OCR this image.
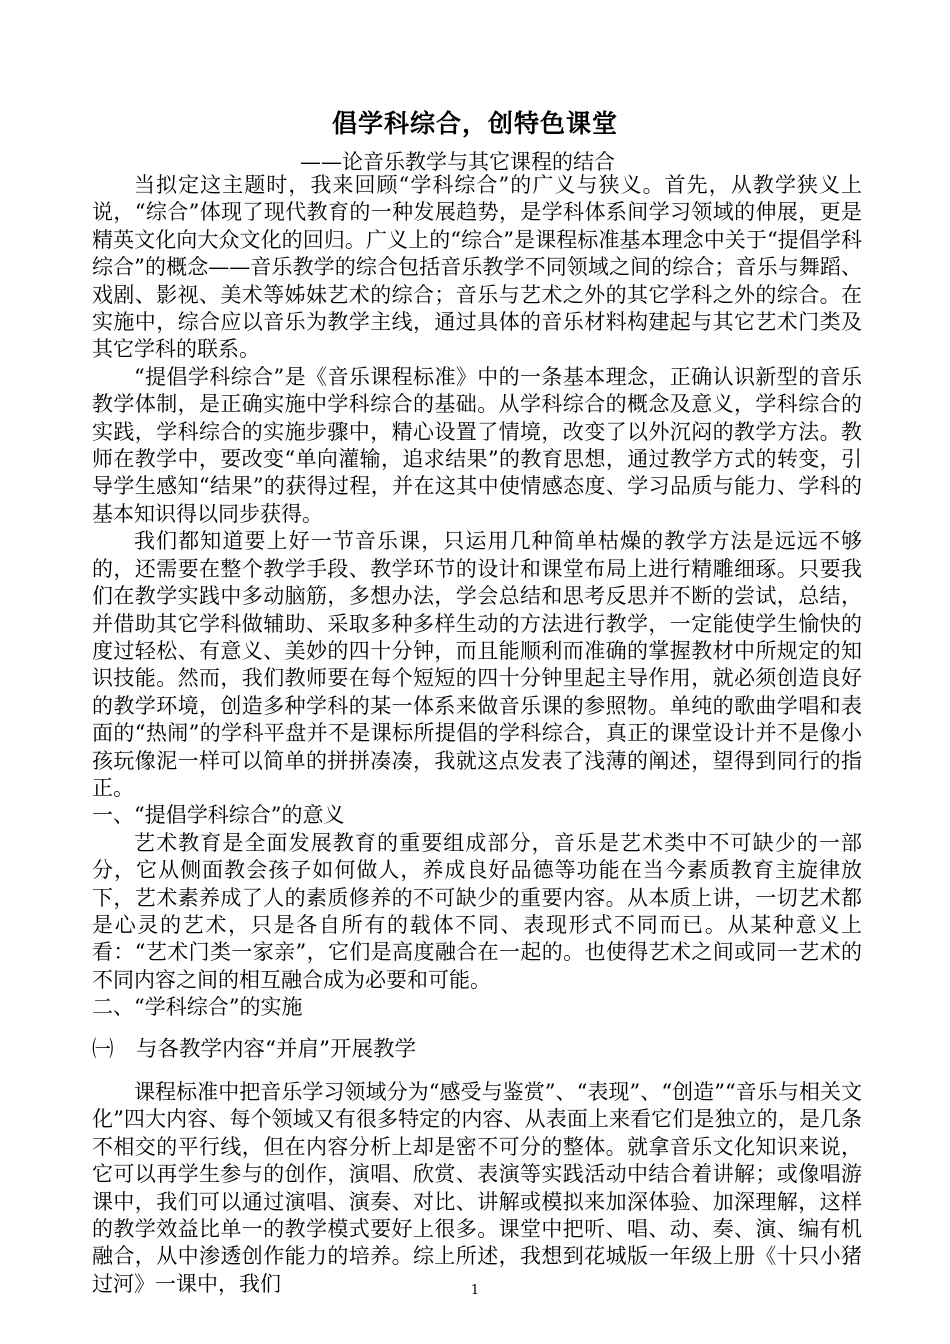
倡学科综合，创特色课堂
——论音乐教学与其它课程的结合

当拟定这主题时，我来回顾“学科综合”的广义与狭义。首先，从教学狭义上说，“综合”体现了现代教育的一种发展趋势，是学科体系间学习领域的伸展，更是精英文化向大众文化的回归。广义上的“综合”是课程标准基本理念中关于“提倡学科综合”的概念——音乐教学的综合包括音乐教学不同领域之间的综合；音乐与舞蹈、戏剧、影视、美术等姊妹艺术的综合；音乐与艺术之外的其它学科之外的综合。在实施中，综合应以音乐为教学主线，通过具体的音乐材料构建起与其它艺术门类及其它学科的联系。

“提倡学科综合”是《音乐课程标准》中的一条基本理念，正确认识新型的音乐教学体制，是正确实施中学科综合的基础。从学科综合的概念及意义，学科综合的实践，学科综合的实施步骤中，精心设置了情境，改变了以外沉闷的教学方法。教师在教学中，要改变“单向灌输，追求结果”的教育思想，通过教学方式的转变，引导学生感知“结果”的获得过程，并在这其中使情感态度、学习品质与能力、学科的基本知识得以同步获得。

我们都知道要上好一节音乐课，只运用几种简单枯燥的教学方法是远远不够的，还需要在整个教学手段、教学环节的设计和课堂布局上进行精雕细琢。只要我们在教学实践中多动脑筋，多想办法，学会总结和思考反思并不断的尝试，总结，并借助其它学科做辅助、采取多种多样生动的方法进行教学，一定能使学生愉快的度过轻松、有意义、美妙的四十分钟，而且能顺利而准确的掌握教材中所规定的知识技能。然而，我们教师要在每个短短的四十分钟里起主导作用，就必须创造良好的教学环境，创造多种学科的某一体系来做音乐课的参照物。单纯的歌曲学唱和表面的“热闹”的学科平盘并不是课标所提倡的学科综合，真正的课堂设计并不是像小孩玩像泥一样可以简单的拼拼凑凑，我就这点发表了浅薄的阐述，望得到同行的指正。

一、“提倡学科综合”的意义

艺术教育是全面发展教育的重要组成部分，音乐是艺术类中不可缺少的一部分，它从侧面教会孩子如何做人，养成良好品德等功能在当今素质教育主旋律放下，艺术素养成了人的素质修养的不可缺少的重要内容。从本质上讲，一切艺术都是心灵的艺术，只是各自所有的载体不同、表现形式不同而已。从某种意义上看：“艺术门类一家亲”，它们是高度融合在一起的。也使得艺术之间或同一艺术的不同内容之间的相互融合成为必要和可能。

二、“学科综合”的实施

㈠ 与各教学内容“并肩”开展教学

课程标准中把音乐学习领域分为“感受与鉴赏”、“表现”、“创造”“音乐与相关文化”四大内容、每个领域又有很多特定的内容、从表面上来看它们是独立的，是几条不相交的平行线，但在内容分析上却是密不可分的整体。就拿音乐文化知识来说，它可以再学生参与的创作，演唱、欣赏、表演等实践活动中结合着讲解；或像唱游课中，我们可以通过演唱、演奏、对比、讲解或模拟来加深体验、加深理解，这样的教学效益比单一的教学模式要好上很多。课堂中把听、唱、动、奏、演、编有机融合，从中渗透创作能力的培养。综上所述，我想到花城版一年级上册《十只小猪过河》一课中，我们	1
